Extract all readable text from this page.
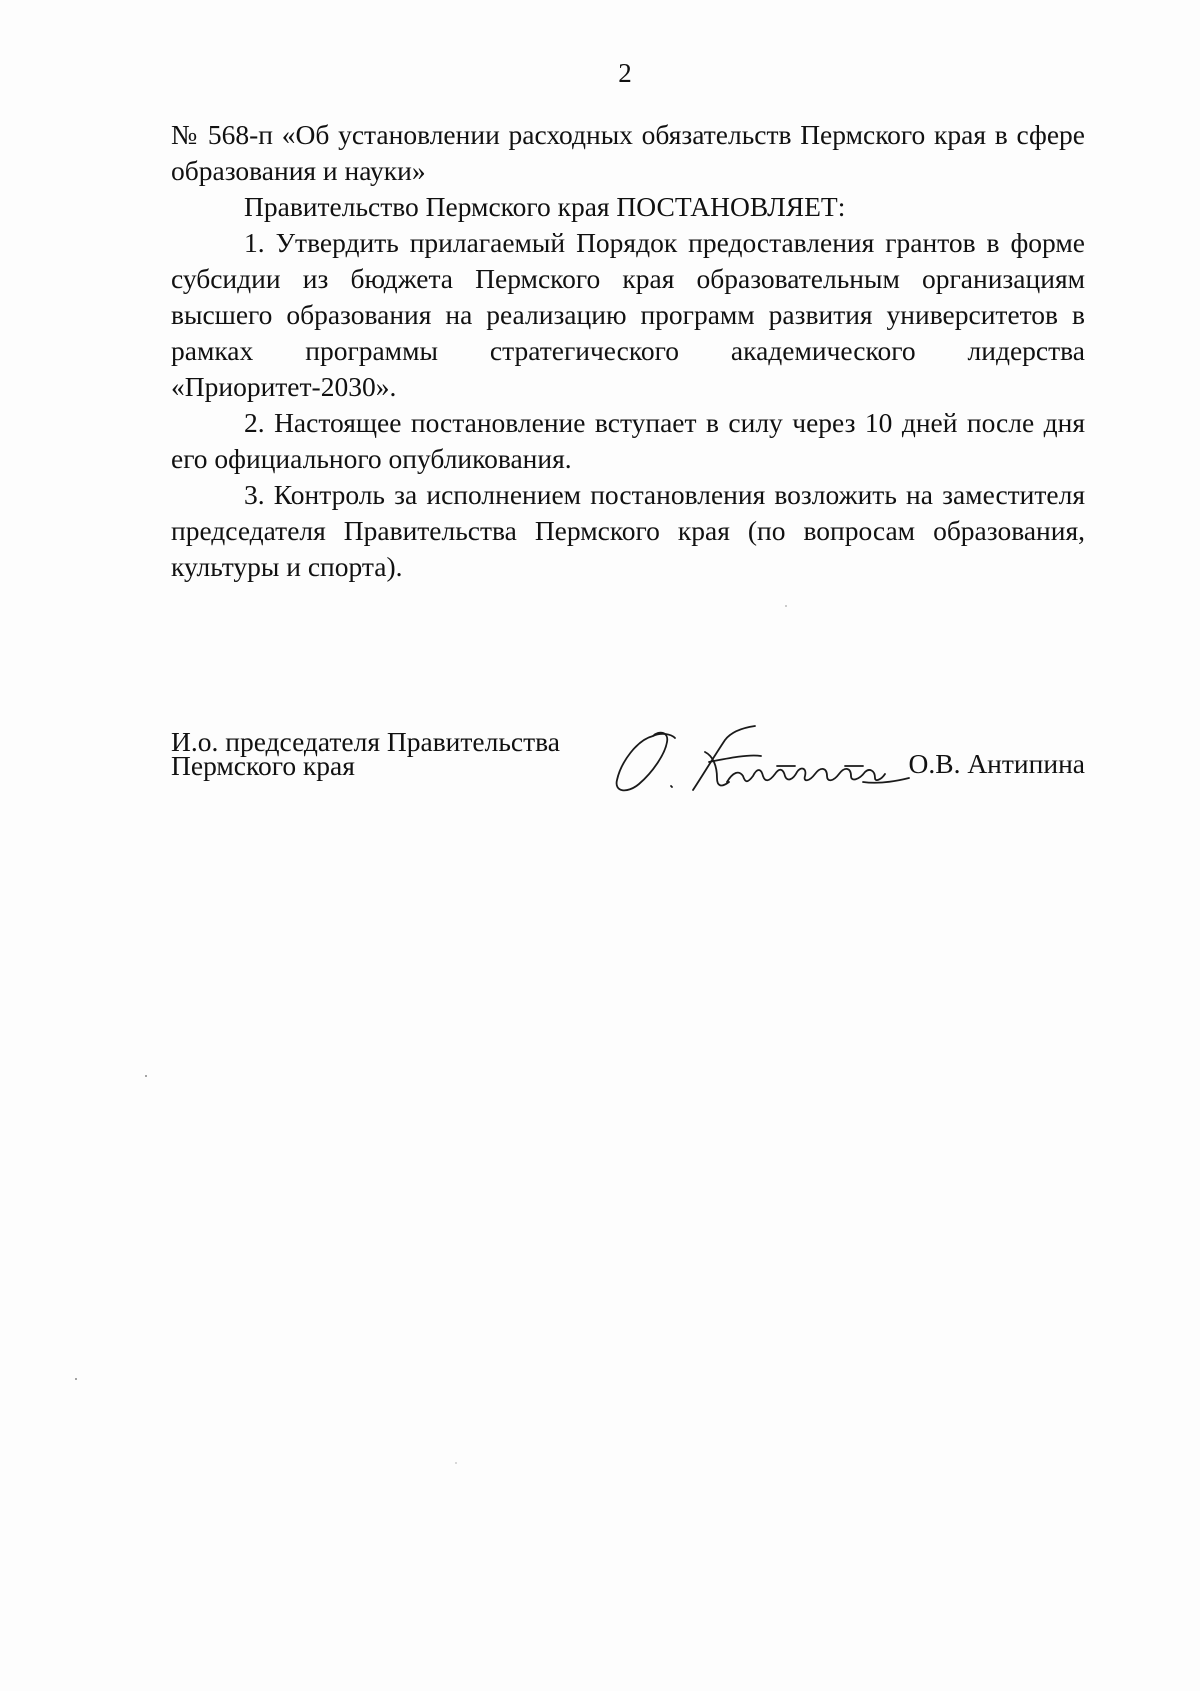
2

№ 568-п «Об установлении расходных обязательств Пермского края в сфере образования и науки»

Правительство Пермского края ПОСТАНОВЛЯЕТ:

1. Утвердить прилагаемый Порядок предоставления грантов в форме субсидии из бюджета Пермского края образовательным организациям высшего образования на реализацию программ развития университетов в рамках программы стратегического академического лидерства «Приоритет-2030».

2. Настоящее постановление вступает в силу через 10 дней после дня его официального опубликования.

3. Контроль за исполнением постановления возложить на заместителя председателя Правительства Пермского края (по вопросам образования, культуры и спорта).

И.о. председателя Правительства
Пермского края	О.В. Антипина
